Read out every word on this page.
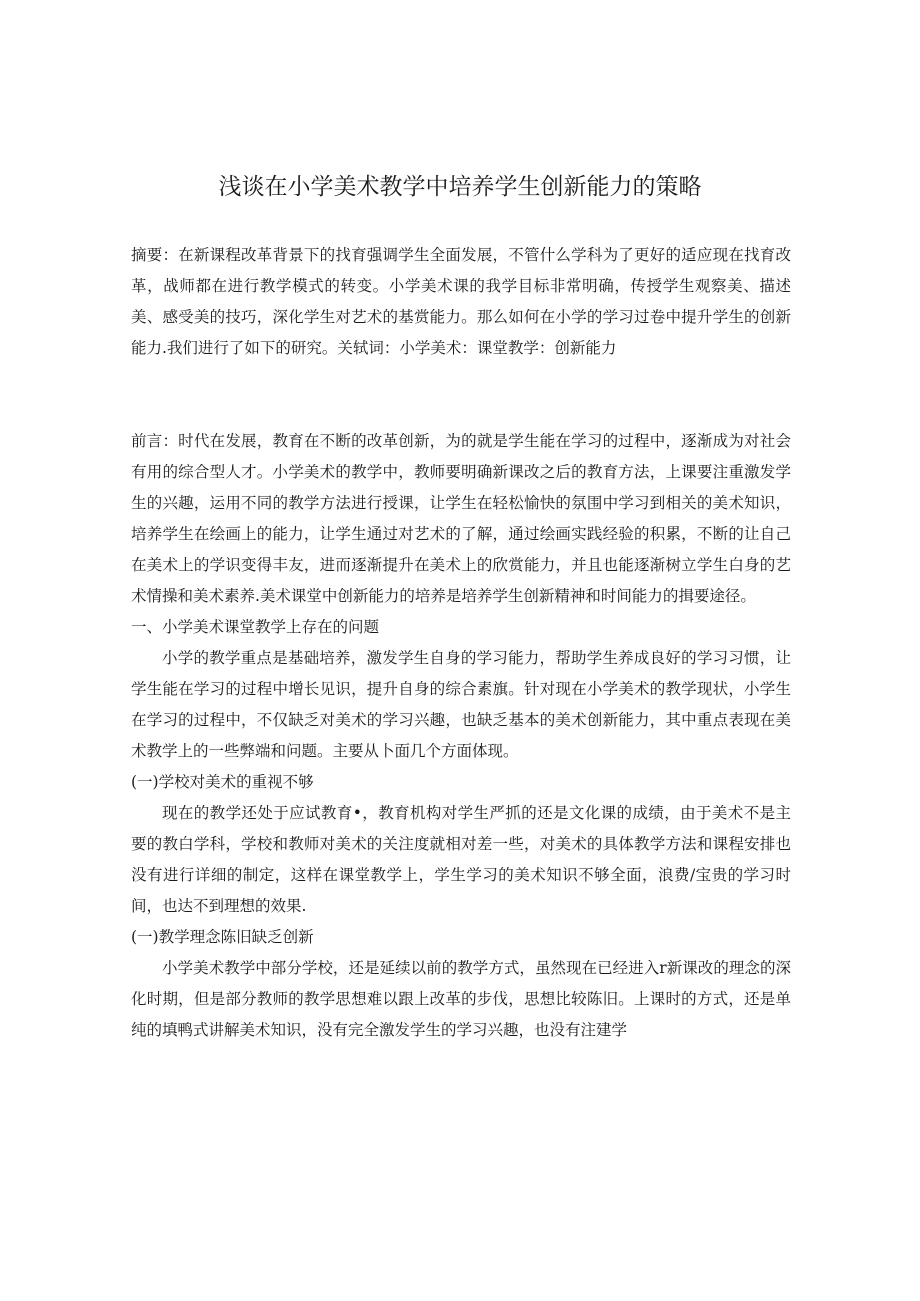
浅谈在小学美术教学中培养学生创新能力的策略

摘要：在新课程改革背景下的找育强调学生全面发展，不管什么学科为了更好的适应现在找育改革，战师都在进行教学模式的转变。小学美术课的我学目标非常明确，传授学生观察美、描述美、感受美的技巧，深化学生对艺术的基赏能力。那么如何在小学的学习过卷中提升学生的创新能力.我们进行了如下的研究。关轼词：小学美术：课堂教学：创新能力

前言：时代在发展，教育在不断的改革创新，为的就是学生能在学习的过程中，逐渐成为对社会有用的综合型人才。小学美术的教学中，教师要明确新课改之后的教育方法，上课要注重激发学生的兴趣，运用不同的教学方法进行授课，让学生在轻松愉快的氛围中学习到相关的美术知识，培养学生在绘画上的能力，让学生通过对艺术的了解，通过绘画实践经验的积累，不断的让自己在美术上的学识变得丰友，进而逐渐提升在美术上的欣赏能力，并且也能逐渐树立学生白身的艺术情操和美术素养.美术课堂中创新能力的培养是培养学生创新精神和时间能力的揖要途径。

一、小学美术课堂教学上存在的问题

小学的教学重点是基础培养，激发学生自身的学习能力，帮助学生养成良好的学习习惯，让学生能在学习的过程中增长见识，提升自身的综合素旗。针对现在小学美术的教学现状，小学生在学习的过程中，不仅缺乏对美术的学习兴趣，也缺乏基本的美术创新能力，其中重点表现在美术教学上的一些弊端和问题。主要从卜面几个方面体现。

(一)学校对美术的重视不够

现在的教学还处于应试教育•，教育机构对学生严抓的还是文化课的成绩，由于美术不是主要的教白学科，学校和教师对美术的关注度就相对差一些，对美术的具体教学方法和课程安排也没有进行详细的制定，这样在课堂教学上，学生学习的美术知识不够全面，浪费/宝贵的学习时间，也达不到理想的效果.

(一)教学理念陈旧缺乏创新

小学美术教学中部分学校，还是延续以前的教学方式，虽然现在已经进入r新课改的理念的深化时期，但是部分教师的教学思想难以跟上改革的步伐，思想比较陈旧。上课时的方式，还是单纯的填鸭式讲解美术知识，没有完全激发学生的学习兴趣，也没有注建学
